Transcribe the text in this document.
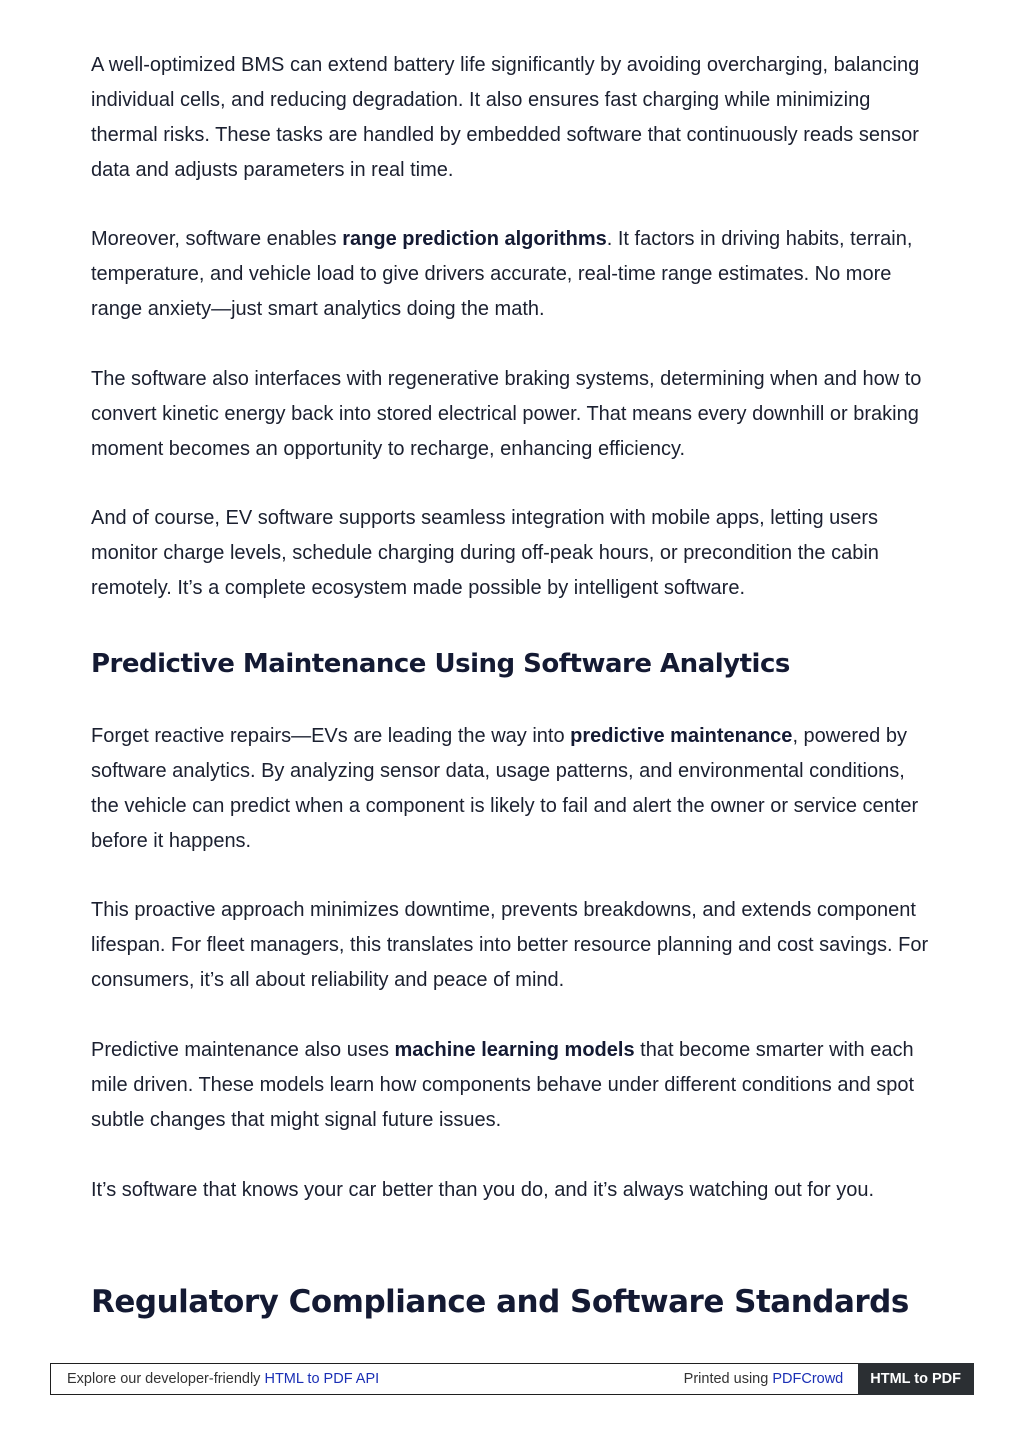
A well-optimized BMS can extend battery life significantly by avoiding overcharging, balancing individual cells, and reducing degradation. It also ensures fast charging while minimizing thermal risks. These tasks are handled by embedded software that continuously reads sensor data and adjusts parameters in real time.

Moreover, software enables range prediction algorithms. It factors in driving habits, terrain, temperature, and vehicle load to give drivers accurate, real-time range estimates. No more range anxiety—just smart analytics doing the math.

The software also interfaces with regenerative braking systems, determining when and how to convert kinetic energy back into stored electrical power. That means every downhill or braking moment becomes an opportunity to recharge, enhancing efficiency.

And of course, EV software supports seamless integration with mobile apps, letting users monitor charge levels, schedule charging during off-peak hours, or precondition the cabin remotely. It’s a complete ecosystem made possible by intelligent software.

Predictive Maintenance Using Software Analytics

Forget reactive repairs—EVs are leading the way into predictive maintenance, powered by software analytics. By analyzing sensor data, usage patterns, and environmental conditions, the vehicle can predict when a component is likely to fail and alert the owner or service center before it happens.

This proactive approach minimizes downtime, prevents breakdowns, and extends component lifespan. For fleet managers, this translates into better resource planning and cost savings. For consumers, it’s all about reliability and peace of mind.

Predictive maintenance also uses machine learning models that become smarter with each mile driven. These models learn how components behave under different conditions and spot subtle changes that might signal future issues.

It’s software that knows your car better than you do, and it’s always watching out for you.

Regulatory Compliance and Software Standards
Explore our developer-friendly HTML to PDF API	Printed using PDFCrowd	HTML to PDF
